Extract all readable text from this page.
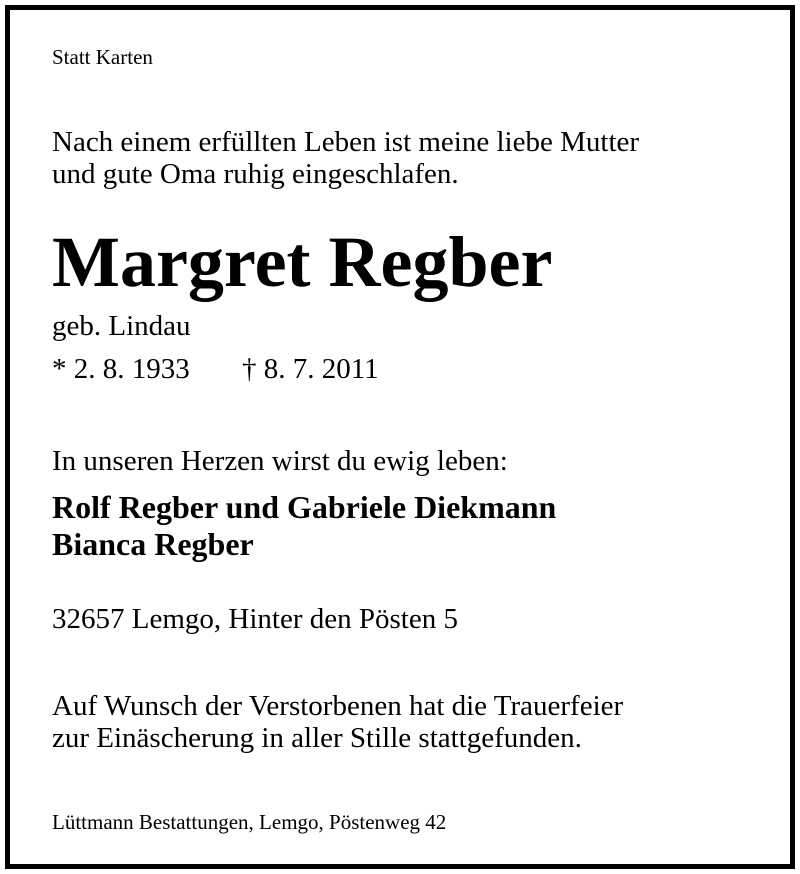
Statt Karten
Nach einem erfüllten Leben ist meine liebe Mutter
und gute Oma ruhig eingeschlafen.
Margret Regber
geb. Lindau
* 2. 8. 1933 † 8. 7. 2011
In unseren Herzen wirst du ewig leben:
Rolf Regber und Gabriele Diekmann
Bianca Regber
32657 Lemgo, Hinter den Pösten 5
Auf Wunsch der Verstorbenen hat die Trauerfeier
zur Einäscherung in aller Stille stattgefunden.
Lüttmann Bestattungen, Lemgo, Pöstenweg 42
